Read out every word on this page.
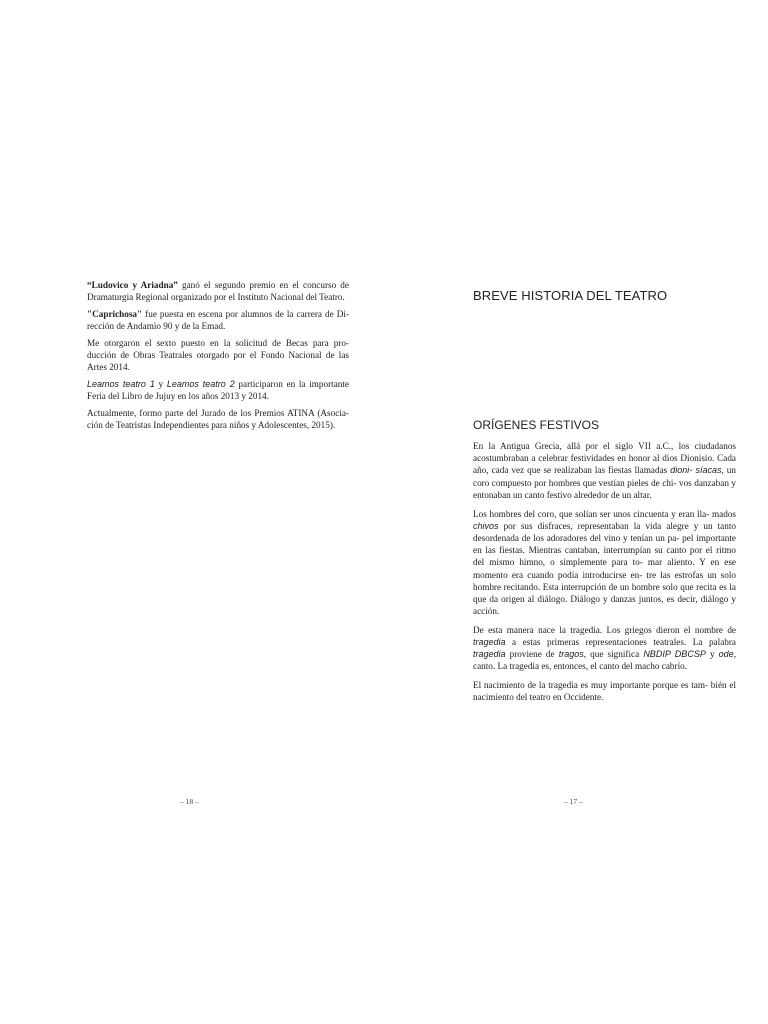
“Ludovico y Ariadna” ganó el segundo premio en el concurso de Dramaturgia Regional organizado por el Instituto Nacional del Teatro.

"Caprichosa" fue puesta en escena por alumnos de la carrera de Di- rección de Andamio 90 y de la Emad.

Me otorgaron el sexto puesto en la solicitud de Becas para pro- ducción de Obras Teatrales otorgado por el Fondo Nacional de las Artes 2014.

Leamos teatro 1 y Leamos teatro 2 participaron en la importante Feria del Libro de Jujuy en los años 2013 y 2014.

Actualmente, formo parte del Jurado de los Premios ATINA (Asocia- ción de Teatristas Independientes para niños y Adolescentes, 2015).

– 18 –
BREVE HISTORIA DEL TEATRO
ORÍGENES FESTIVOS

En la Antigua Grecia, allá por el siglo VII a.C., los ciudadanos acostumbraban a celebrar festividades en honor al dios Dionisio. Cada año, cada vez que se realizaban las fiestas llamadas dioni- síacas, un coro compuesto por hombres que vestían pieles de chi- vos danzaban y entonaban un canto festivo alrededor de un altar.

Los hombres del coro, que solían ser unos cincuenta y eran lla- mados chivos por sus disfraces, representaban la vida alegre y un tanto desordenada de los adoradores del vino y tenían un pa- pel importante en las fiestas. Mientras cantaban, interrumpían su canto por el ritmo del mismo himno, o simplemente para to- mar aliento. Y en ese momento era cuando podía introducirse en- tre las estrofas un solo hombre recitando. Esta interrupción de un hombre solo que recita es la que da origen al diálogo. Diálogo y danzas juntos, es decir, diálogo y acción.

De esta manera nace la tragedia. Los griegos dieron el nombre de tragedia a estas primeras representaciones teatrales. La palabra tragedia proviene de tragos, que significa NBDIP DBCSP y ode, canto. La tragedia es, entonces, el canto del macho cabrío.

El nacimiento de la tragedia es muy importante porque es tam- bién el nacimiento del teatro en Occidente.

– 17 –
